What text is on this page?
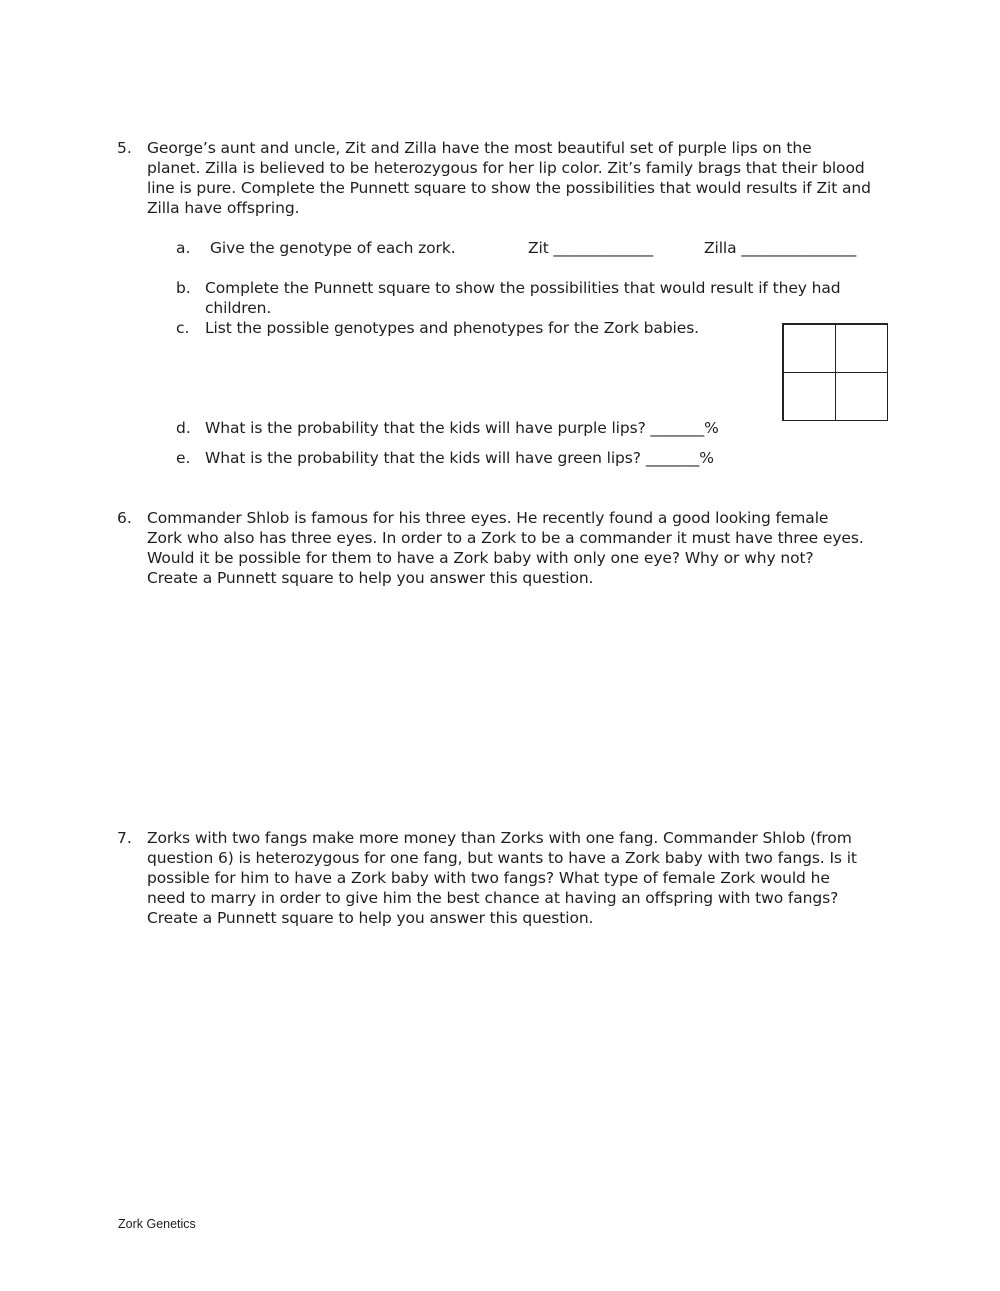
5. George’s aunt and uncle, Zit and Zilla have the most beautiful set of purple lips on the
planet. Zilla is believed to be heterozygous for her lip color. Zit’s family brags that their blood
line is pure. Complete the Punnett square to show the possibilities that would results if Zit and
Zilla have offspring.
a. Give the genotype of each zork.	Zit _____________	Zilla _______________
b. Complete the Punnett square to show the possibilities that would result if they had
children.
c. List the possible genotypes and phenotypes for the Zork babies.
d. What is the probability that the kids will have purple lips? _______%
e. What is the probability that the kids will have green lips? _______%
6. Commander Shlob is famous for his three eyes. He recently found a good looking female
Zork who also has three eyes. In order to a Zork to be a commander it must have three eyes.
Would it be possible for them to have a Zork baby with only one eye? Why or why not?
Create a Punnett square to help you answer this question.
7. Zorks with two fangs make more money than Zorks with one fang. Commander Shlob (from
question 6) is heterozygous for one fang, but wants to have a Zork baby with two fangs. Is it
possible for him to have a Zork baby with two fangs? What type of female Zork would he
need to marry in order to give him the best chance at having an offspring with two fangs?
Create a Punnett square to help you answer this question.
Zork Genetics
